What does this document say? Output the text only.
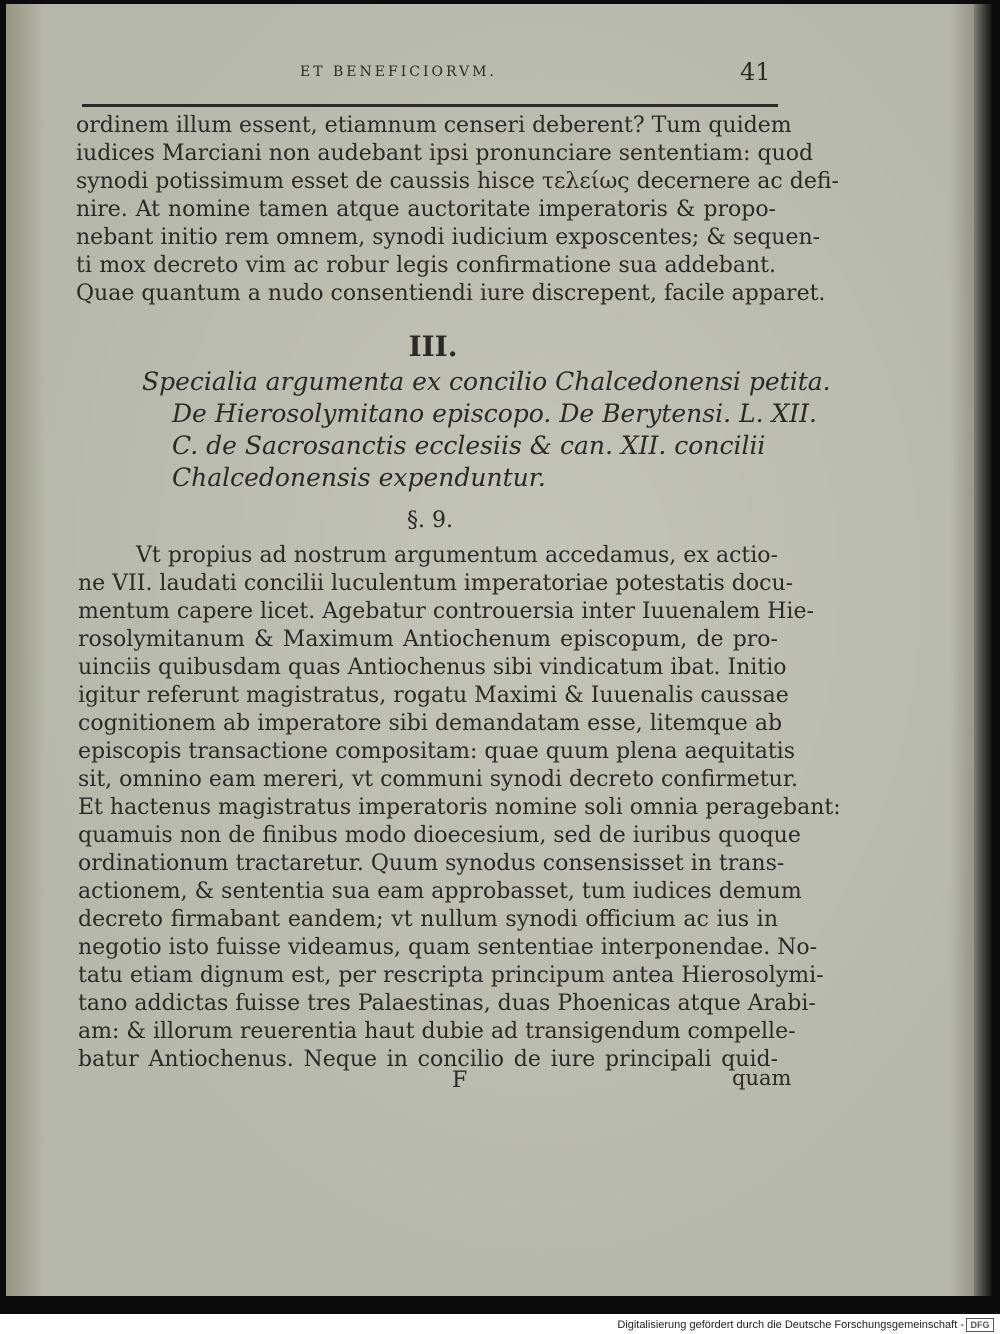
ET BENEFICIORVM.	41
ordinem illum essent, etiamnum censeri deberent? Tum quidem
iudices Marciani non audebant ipsi pronunciare sententiam: quod
synodi potissimum esset de caussis hisce τελείως decernere ac defi-
nire. At nomine tamen atque auctoritate imperatoris & propo-
nebant initio rem omnem, synodi iudicium exposcentes; & sequen-
ti mox decreto vim ac robur legis confirmatione sua addebant.
Quae quantum a nudo consentiendi iure discrepent, facile apparet.
III.
Specialia argumenta ex concilio Chalcedonensi petita.
De Hierosolymitano episcopo. De Berytensi. L. XII.
C. de Sacrosanctis ecclesiis & can. XII. concilii
Chalcedonensis expenduntur.
§. 9.
Vt propius ad nostrum argumentum accedamus, ex actio-
ne VII. laudati concilii luculentum imperatoriae potestatis docu-
mentum capere licet. Agebatur controuersia inter Iuuenalem Hie-
rosolymitanum & Maximum Antiochenum episcopum, de pro-
uinciis quibusdam quas Antiochenus sibi vindicatum ibat. Initio
igitur referunt magistratus, rogatu Maximi & Iuuenalis caussae
cognitionem ab imperatore sibi demandatam esse, litemque ab
episcopis transactione compositam: quae quum plena aequitatis
sit, omnino eam mereri, vt communi synodi decreto confirmetur.
Et hactenus magistratus imperatoris nomine soli omnia peragebant:
quamuis non de finibus modo dioecesium, sed de iuribus quoque
ordinationum tractaretur. Quum synodus consensisset in trans-
actionem, & sententia sua eam approbasset, tum iudices demum
decreto firmabant eandem; vt nullum synodi officium ac ius in
negotio isto fuisse videamus, quam sententiae interponendae. No-
tatu etiam dignum est, per rescripta principum antea Hierosolymi-
tano addictas fuisse tres Palaestinas, duas Phoenicas atque Arabi-
am: & illorum reuerentia haut dubie ad transigendum compelle-
batur Antiochenus. Neque in concilio de iure principali quid-
F	quam
Digitalisierung gefördert durch die Deutsche Forschungsgemeinschaft - DFG
